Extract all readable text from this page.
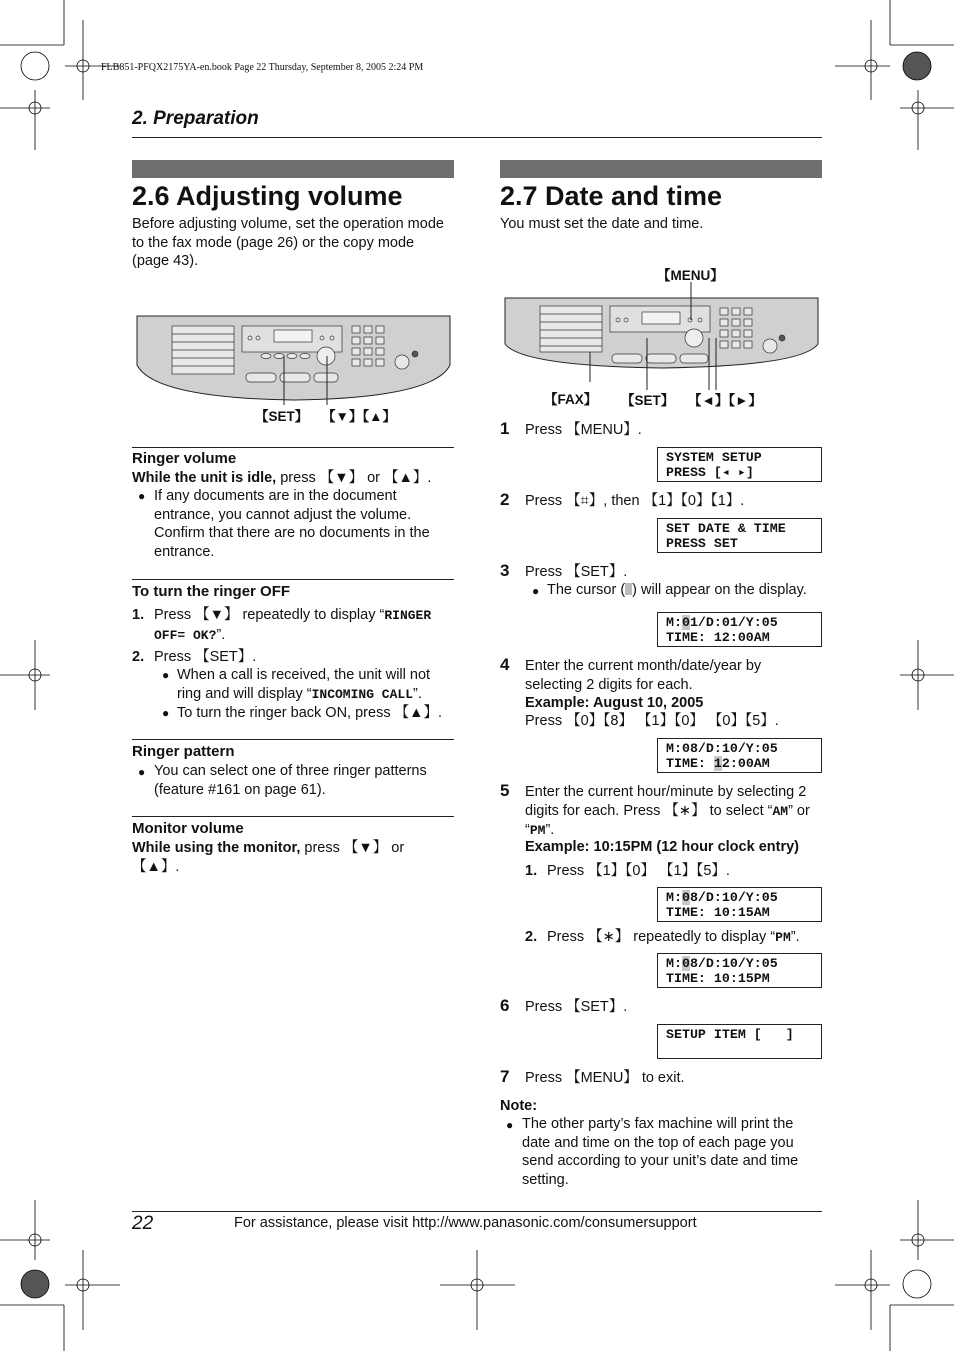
FLB851-PFQX2175YA-en.book Page 22 Thursday, September 8, 2005 2:24 PM
2. Preparation
2.6 Adjusting volume
Before adjusting volume, set the operation mode to the fax mode (page 26) or the copy mode (page 43).
【SET】 【▼】【▲】
Ringer volume
While the unit is idle, press 【▼】 or 【▲】.
● If any documents are in the document entrance, you cannot adjust the volume. Confirm that there are no documents in the entrance.
To turn the ringer OFF
1. Press 【▼】 repeatedly to display “RINGER OFF= OK?”.
2. Press 【SET】.
● When a call is received, the unit will not ring and will display “INCOMING CALL”.
● To turn the ringer back ON, press 【▲】.
Ringer pattern
● You can select one of three ringer patterns (feature #161 on page 61).
Monitor volume
While using the monitor, press 【▼】 or 【▲】.
2.7 Date and time
You must set the date and time.
【MENU】
【FAX】 【SET】 【◄】【►】
1 Press 【MENU】.
SYSTEM SETUP
PRESS [◂ ▸]
2 Press 【⌗】, then 【1】【0】【1】.
SET DATE & TIME
PRESS SET
3 Press 【SET】.
● The cursor ( ) will appear on the display.
M:01/D:01/Y:05
TIME: 12:00AM
4 Enter the current month/date/year by selecting 2 digits for each.
Example: August 10, 2005
Press 【0】【8】 【1】【0】 【0】【5】.
M:08/D:10/Y:05
TIME: 12:00AM
5 Enter the current hour/minute by selecting 2 digits for each. Press 【∗】 to select “AM” or “PM”.
Example: 10:15PM (12 hour clock entry)
1. Press 【1】【0】 【1】【5】.
M:08/D:10/Y:05
TIME: 10:15AM
2. Press 【∗】 repeatedly to display “PM”.
M:08/D:10/Y:05
TIME: 10:15PM
6 Press 【SET】.
SETUP ITEM [   ]
7 Press 【MENU】 to exit.
Note:
● The other party’s fax machine will print the date and time on the top of each page you send according to your unit’s date and time setting.
22	For assistance, please visit http://www.panasonic.com/consumersupport
